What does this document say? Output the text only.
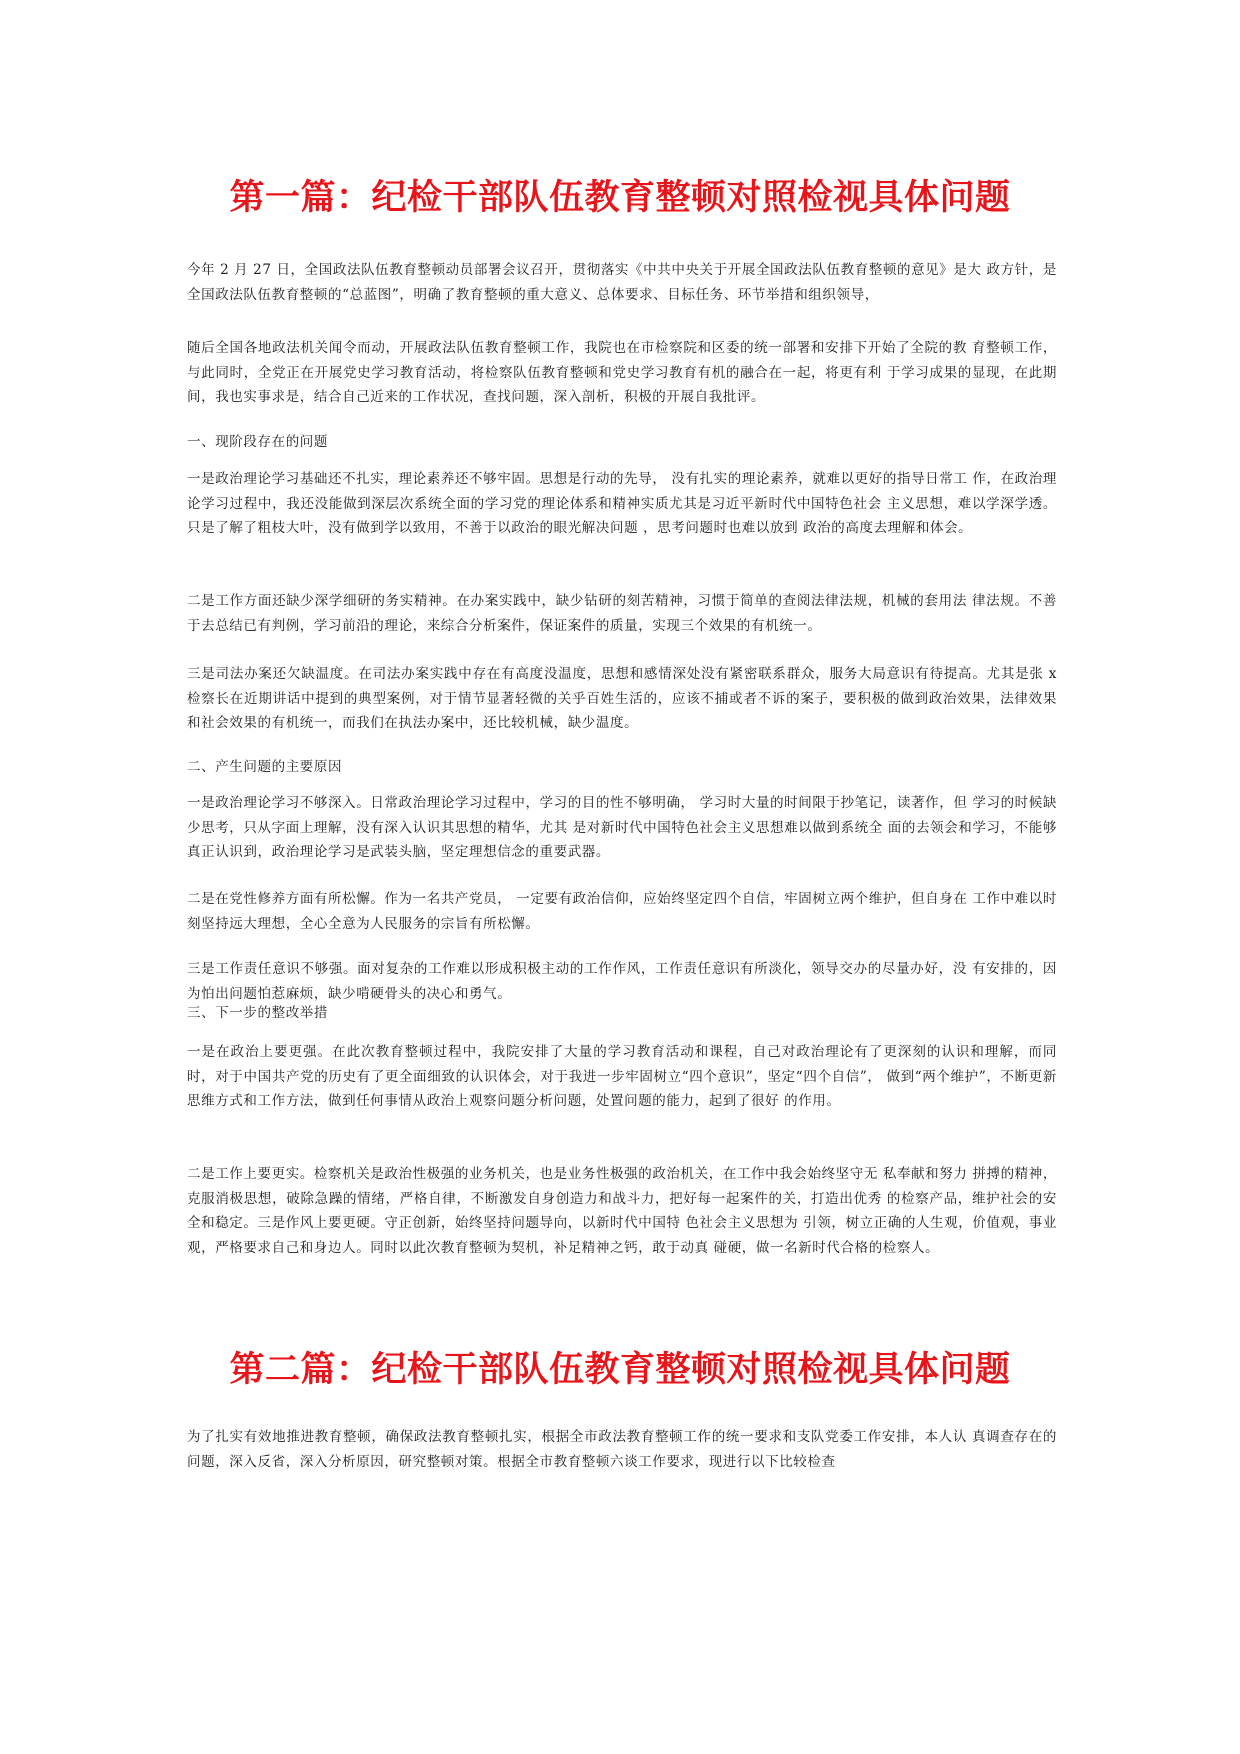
第一篇：纪检干部队伍教育整顿对照检视具体问题

今年 2 月 27 日，全国政法队伍教育整顿动员部署会议召开，贯彻落实《中共中央关于开展全国政法队伍教育整顿的意见》是大 政方针，是全国政法队伍教育整顿的“总蓝图”，明确了教育整顿的重大意义、总体要求、目标任务、环节举措和组织领导，

随后全国各地政法机关闻令而动，开展政法队伍教育整顿工作，我院也在市检察院和区委的统一部署和安排下开始了全院的教 育整顿工作，与此同时，全党正在开展党史学习教育活动，将检察队伍教育整顿和党史学习教育有机的融合在一起，将更有利 于学习成果的显现，在此期间，我也实事求是，结合自己近来的工作状况，查找问题，深入剖析，积极的开展自我批评。

一、现阶段存在的问题

一是政治理论学习基础还不扎实，理论素养还不够牢固。思想是行动的先导， 没有扎实的理论素养，就难以更好的指导日常工 作，在政治理论学习过程中，我还没能做到深层次系统全面的学习党的理论体系和精神实质尤其是习近平新时代中国特色社会 主义思想，难以学深学透。只是了解了粗枝大叶，没有做到学以致用，不善于以政治的眼光解决问题 ，思考问题时也难以放到 政治的高度去理解和体会。

二是工作方面还缺少深学细研的务实精神。在办案实践中，缺少钻研的刻苦精神，习惯于简单的查阅法律法规，机械的套用法 律法规。不善于去总结已有判例，学习前沿的理论，来综合分析案件，保证案件的质量，实现三个效果的有机统一。

三是司法办案还欠缺温度。在司法办案实践中存在有高度没温度，思想和感情深处没有紧密联系群众，服务大局意识有待提高。尤其是张 x 检察长在近期讲话中提到的典型案例，对于情节显著轻微的关乎百姓生活的，应该不捕或者不诉的案子，要积极的做到政治效果，法律效果和社会效果的有机统一，而我们在执法办案中，还比较机械，缺少温度。

二、产生问题的主要原因

一是政治理论学习不够深入。日常政治理论学习过程中，学习的目的性不够明确， 学习时大量的时间限于抄笔记，读著作，但 学习的时候缺少思考，只从字面上理解，没有深入认识其思想的精华，尤其 是对新时代中国特色社会主义思想难以做到系统全 面的去领会和学习，不能够真正认识到，政治理论学习是武装头脑，坚定理想信念的重要武器。

二是在党性修养方面有所松懈。作为一名共产党员， 一定要有政治信仰，应始终坚定四个自信，牢固树立两个维护，但自身在 工作中难以时刻坚持远大理想，全心全意为人民服务的宗旨有所松懈。

三是工作责任意识不够强。面对复杂的工作难以形成积极主动的工作作风，工作责任意识有所淡化，领导交办的尽量办好，没 有安排的，因为怕出问题怕惹麻烦，缺少啃硬骨头的决心和勇气。

三、下一步的整改举措

一是在政治上要更强。在此次教育整顿过程中，我院安排了大量的学习教育活动和课程，自己对政治理论有了更深刻的认识和理解，而同时，对于中国共产党的历史有了更全面细致的认识体会，对于我进一步牢固树立“四个意识”，坚定“四个自信”， 做到“两个维护”，不断更新思维方式和工作方法，做到任何事情从政治上观察问题分析问题，处置问题的能力，起到了很好 的作用。

二是工作上要更实。检察机关是政治性极强的业务机关，也是业务性极强的政治机关，在工作中我会始终坚守无 私奉献和努力 拼搏的精神，克服消极思想，破除急躁的情绪，严格自律，不断激发自身创造力和战斗力，把好每一起案件的关，打造出优秀 的检察产品，维护社会的安全和稳定。三是作风上要更硬。守正创新，始终坚持问题导向，以新时代中国特 色社会主义思想为 引领，树立正确的人生观，价值观，事业观，严格要求自己和身边人。同时以此次教育整顿为契机，补足精神之钙，敢于动真 碰硬，做一名新时代合格的检察人。

第二篇：纪检干部队伍教育整顿对照检视具体问题

为了扎实有效地推进教育整顿，确保政法教育整顿扎实，根据全市政法教育整顿工作的统一要求和支队党委工作安排，本人认 真调查存在的问题，深入反省，深入分析原因，研究整顿对策。根据全市教育整顿六谈工作要求，现进行以下比较检查
